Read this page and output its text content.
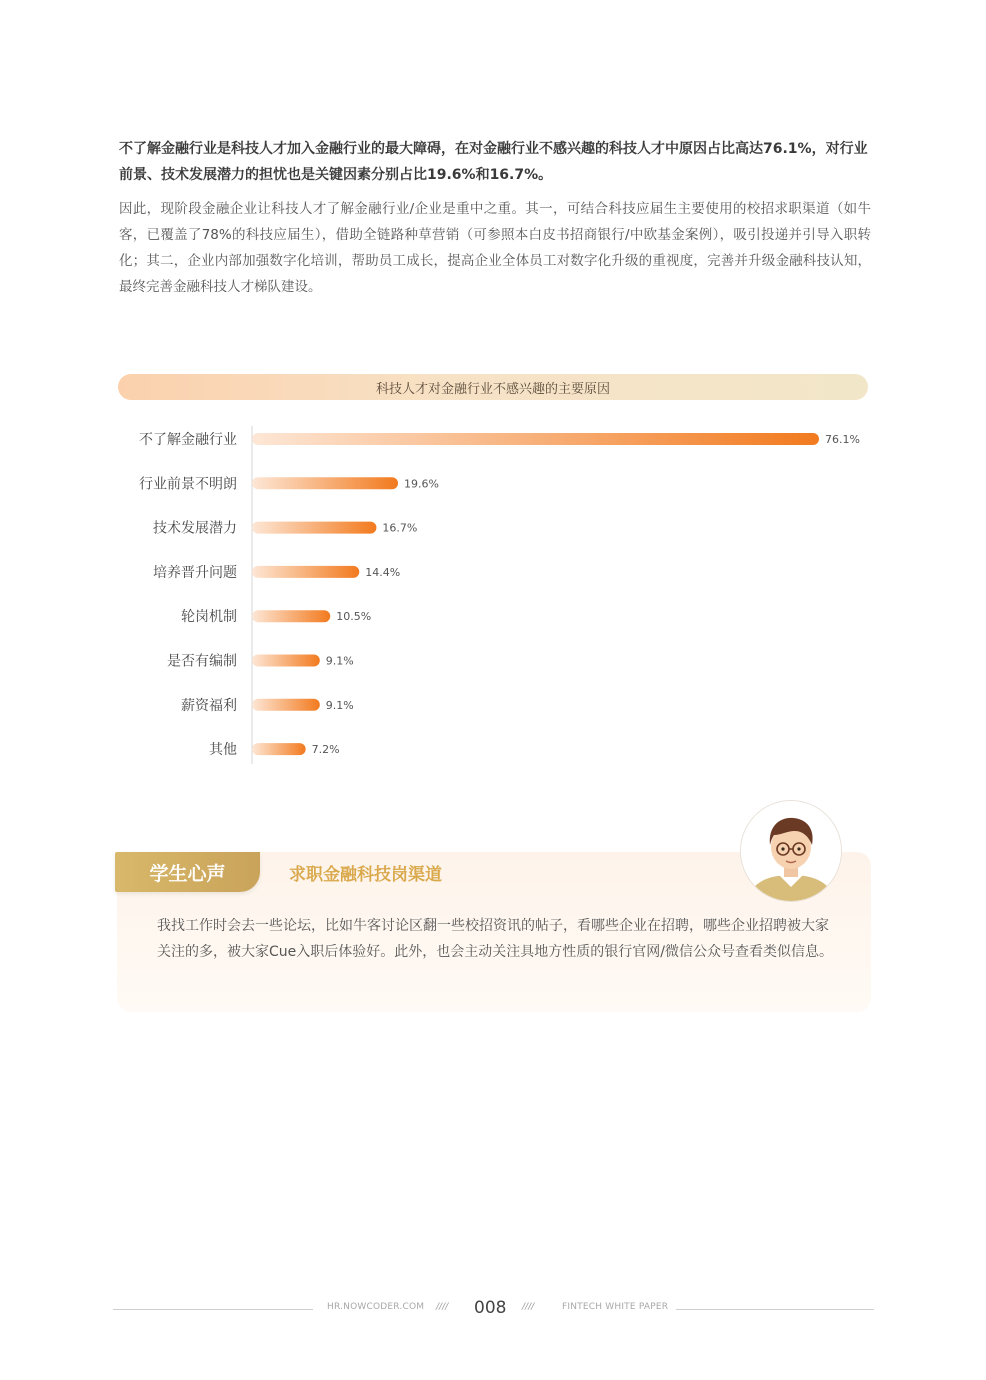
不了解金融行业是科技人才加入金融行业的最大障碍，在对金融行业不感兴趣的科技人才中原因占比高达76.1%，对行业前景、技术发展潜力的担忧也是关键因素分别占比19.6%和16.7%。

因此，现阶段金融企业让科技人才了解金融行业/企业是重中之重。其一，可结合科技应届生主要使用的校招求职渠道（如牛客，已覆盖了78%的科技应届生），借助全链路种草营销（可参照本白皮书招商银行/中欧基金案例），吸引投递并引导入职转化；其二，企业内部加强数字化培训，帮助员工成长，提高企业全体员工对数字化升级的重视度，完善并升级金融科技认知，最终完善金融科技人才梯队建设。

科技人才对金融行业不感兴趣的主要原因
不了解金融行业	76.1%
行业前景不明朗	19.6%
技术发展潜力	16.7%
培养晋升问题	14.4%
轮岗机制	10.5%
是否有编制	9.1%
薪资福利	9.1%
其他	7.2%
学生心声	求职金融科技岗渠道

我找工作时会去一些论坛，比如牛客讨论区翻一些校招资讯的帖子，看哪些企业在招聘，哪些企业招聘被大家关注的多，被大家Cue入职后体验好。此外，也会主动关注具地方性质的银行官网/微信公众号查看类似信息。

HR.NOWCODER.COM //// 008 ////	FINTECH WHITE PAPER
